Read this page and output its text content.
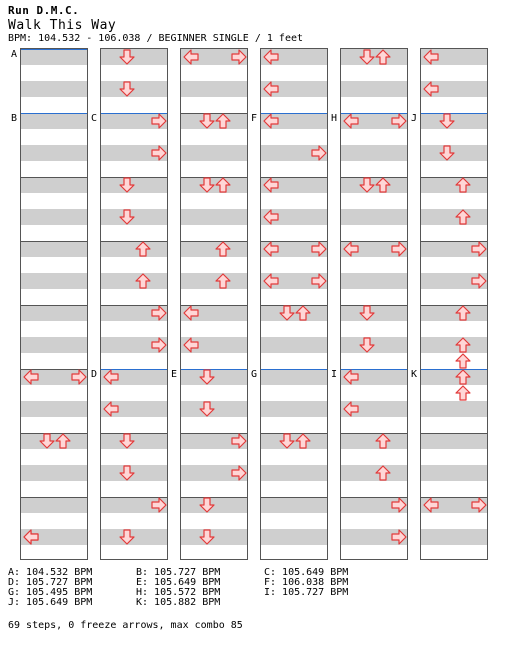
Run D.M.C.
Walk This Way
BPM: 104.532 - 106.038 / BEGINNER SINGLE / 1 feet
A
B	C
D	E
F
G
H
I
J
K
A: 104.532 BPM	B: 105.727 BPM	C: 105.649 BPM
D: 105.727 BPM	E: 105.649 BPM	F: 106.038 BPM
G: 105.495 BPM	H: 105.572 BPM	I: 105.727 BPM
J: 105.649 BPM	K: 105.882 BPM
69 steps, 0 freeze arrows, max combo 85
